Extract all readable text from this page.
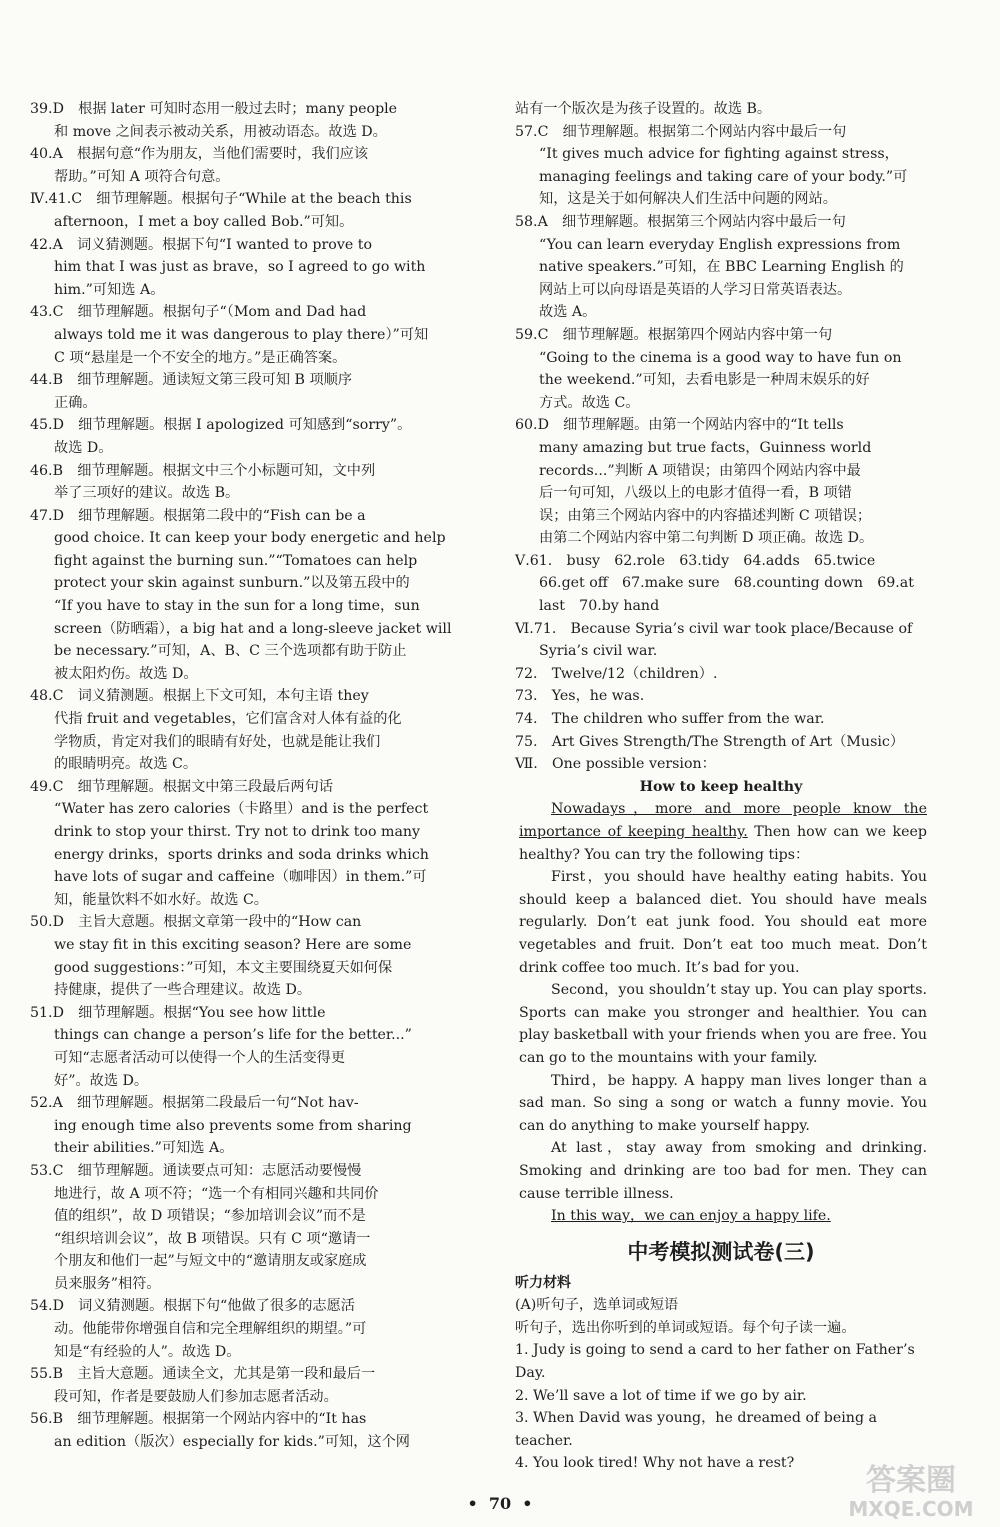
39.D 根据 later 可知时态用一般过去时；many people

和 move 之间表示被动关系，用被动语态。故选 D。

40.A 根据句意“作为朋友，当他们需要时，我们应该

帮助。”可知 A 项符合句意。

Ⅳ.41.C 细节理解题。根据句子“While at the beach this

afternoon，I met a boy called Bob.”可知。

42.A 词义猜测题。根据下句“I wanted to prove to

him that I was just as brave，so I agreed to go with

him.”可知选 A。

43.C 细节理解题。根据句子“（Mom and Dad had

always told me it was dangerous to play there）”可知

C 项“悬崖是一个不安全的地方。”是正确答案。

44.B 细节理解题。通读短文第三段可知 B 项顺序

正确。

45.D 细节理解题。根据 I apologized 可知感到“sorry”。

故选 D。

46.B 细节理解题。根据文中三个小标题可知，文中列

举了三项好的建议。故选 B。

47.D 细节理解题。根据第二段中的“Fish can be a

good choice. It can keep your body energetic and help

fight against the burning sun.”“Tomatoes can help

protect your skin against sunburn.”以及第五段中的

“If you have to stay in the sun for a long time，sun

screen（防晒霜），a big hat and a long-sleeve jacket will

be necessary.”可知，A、B、C 三个选项都有助于防止

被太阳灼伤。故选 D。

48.C 词义猜测题。根据上下文可知，本句主语 they

代指 fruit and vegetables，它们富含对人体有益的化

学物质，肯定对我们的眼睛有好处，也就是能让我们

的眼睛明亮。故选 C。

49.C 细节理解题。根据文中第三段最后两句话

“Water has zero calories（卡路里）and is the perfect

drink to stop your thirst. Try not to drink too many

energy drinks，sports drinks and soda drinks which

have lots of sugar and caffeine（咖啡因）in them.”可

知，能量饮料不如水好。故选 C。

50.D 主旨大意题。根据文章第一段中的“How can

we stay fit in this exciting season? Here are some

good suggestions：”可知，本文主要围绕夏天如何保

持健康，提供了一些合理建议。故选 D。

51.D 细节理解题。根据“You see how little

things can change a person’s life for the better...”

可知“志愿者活动可以使得一个人的生活变得更

好”。故选 D。

52.A 细节理解题。根据第二段最后一句“Not hav-

ing enough time also prevents some from sharing

their abilities.”可知选 A。

53.C 细节理解题。通读要点可知：志愿活动要慢慢

地进行，故 A 项不符；“选一个有相同兴趣和共同价

值的组织”，故 D 项错误；“参加培训会议”而不是

“组织培训会议”，故 B 项错误。只有 C 项“邀请一

个朋友和他们一起”与短文中的“邀请朋友或家庭成

员来服务”相符。

54.D 词义猜测题。根据下句“他做了很多的志愿活

动。他能带你增强自信和完全理解组织的期望。”可

知是“有经验的人”。故选 D。

55.B 主旨大意题。通读全文，尤其是第一段和最后一

段可知，作者是要鼓励人们参加志愿者活动。

56.B 细节理解题。根据第一个网站内容中的“It has

an edition（版次）especially for kids.”可知，这个网

站有一个版次是为孩子设置的。故选 B。

57.C 细节理解题。根据第二个网站内容中最后一句

“It gives much advice for fighting against stress，

managing feelings and taking care of your body.”可

知，这是关于如何解决人们生活中问题的网站。

58.A 细节理解题。根据第三个网站内容中最后一句

“You can learn everyday English expressions from

native speakers.”可知，在 BBC Learning English 的

网站上可以向母语是英语的人学习日常英语表达。

故选 A。

59.C 细节理解题。根据第四个网站内容中第一句

“Going to the cinema is a good way to have fun on

the weekend.”可知，去看电影是一种周末娱乐的好

方式。故选 C。

60.D 细节理解题。由第一个网站内容中的“It tells

many amazing but true facts，Guinness world

records...”判断 A 项错误；由第四个网站内容中最

后一句可知，八级以上的电影才值得一看，B 项错

误；由第三个网站内容中的内容描述判断 C 项错误；

由第二个网站内容中第二句判断 D 项正确。故选 D。

Ⅴ.61. busy　62.role　63.tidy　64.adds　65.twice

66.get off　67.make sure　68.counting down　69.at

last　70.by hand

Ⅵ.71. Because Syria’s civil war took place/Because of

Syria’s civil war.

72. Twelve/12（children）.

73. Yes，he was.

74. The children who suffer from the war.

75. Art Gives Strength/The Strength of Art（Music）

Ⅶ. One possible version：

How to keep healthy

Nowadays，more and more people know the importance of keeping healthy. Then how can we keep healthy? You can try the following tips：

First，you should have healthy eating habits. You should keep a balanced diet. You should have meals regularly. Don’t eat junk food. You should eat more vegetables and fruit. Don’t eat too much meat. Don’t drink coffee too much. It’s bad for you.

Second，you shouldn’t stay up. You can play sports. Sports can make you stronger and healthier. You can play basketball with your friends when you are free. You can go to the mountains with your family.

Third，be happy. A happy man lives longer than a sad man. So sing a song or watch a funny movie. You can do anything to make yourself happy.

At last，stay away from smoking and drinking. Smoking and drinking are too bad for men. They can cause terrible illness.

In this way，we can enjoy a happy life.

中考模拟测试卷(三)

听力材料

(A)听句子，选单词或短语

听句子，选出你听到的单词或短语。每个句子读一遍。

1. Judy is going to send a card to her father on Father’s Day.

2. We’ll save a lot of time if we go by air.

3. When David was young，he dreamed of being a teacher.

4. You look tired! Why not have a rest?

•  70  •
答案圈
MXQE.COM
